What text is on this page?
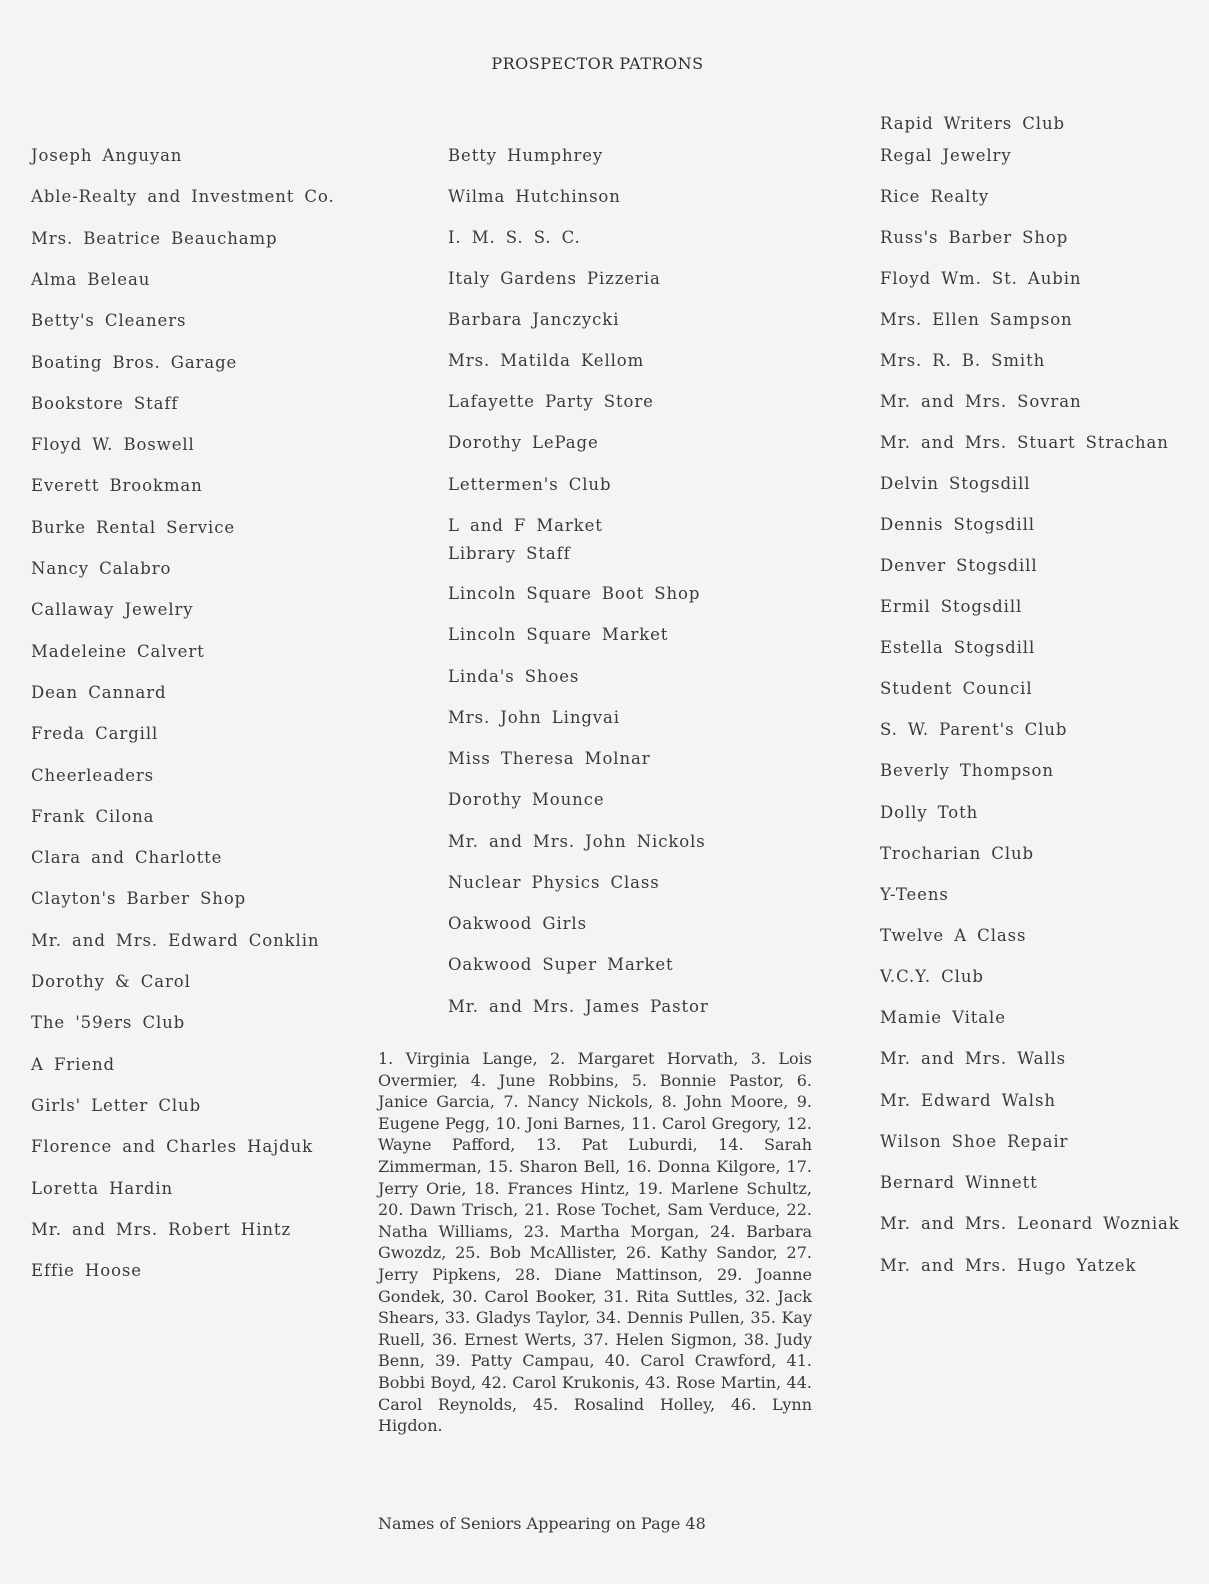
PROSPECTOR PATRONS
Joseph Anguyan
Able-Realty and Investment Co.
Mrs. Beatrice Beauchamp
Alma Beleau
Betty's Cleaners
Boating Bros. Garage
Bookstore Staff
Floyd W. Boswell
Everett Brookman
Burke Rental Service
Nancy Calabro
Callaway Jewelry
Madeleine Calvert
Dean Cannard
Freda Cargill
Cheerleaders
Frank Cilona
Clara and Charlotte
Clayton's Barber Shop
Mr. and Mrs. Edward Conklin
Dorothy & Carol
The '59ers Club
A Friend
Girls' Letter Club
Florence and Charles Hajduk
Loretta Hardin
Mr. and Mrs. Robert Hintz
Effie Hoose
Betty Humphrey
Wilma Hutchinson
I. M. S. S. C.
Italy Gardens Pizzeria
Barbara Janczycki
Mrs. Matilda Kellom
Lafayette Party Store
Dorothy LePage
Lettermen's Club
L and F Market
Library Staff
Lincoln Square Boot Shop
Lincoln Square Market
Linda's Shoes
Mrs. John Lingvai
Miss Theresa Molnar
Dorothy Mounce
Mr. and Mrs. John Nickols
Nuclear Physics Class
Oakwood Girls
Oakwood Super Market
Mr. and Mrs. James Pastor
Rapid Writers Club
Regal Jewelry
Rice Realty
Russ's Barber Shop
Floyd Wm. St. Aubin
Mrs. Ellen Sampson
Mrs. R. B. Smith
Mr. and Mrs. Sovran
Mr. and Mrs. Stuart Strachan
Delvin Stogsdill
Dennis Stogsdill
Denver Stogsdill
Ermil Stogsdill
Estella Stogsdill
Student Council
S. W. Parent's Club
Beverly Thompson
Dolly Toth
Trocharian Club
Y-Teens
Twelve A Class
V.C.Y. Club
Mamie Vitale
Mr. and Mrs. Walls
Mr. Edward Walsh
Wilson Shoe Repair
Bernard Winnett
Mr. and Mrs. Leonard Wozniak
Mr. and Mrs. Hugo Yatzek

1. Virginia Lange, 2. Margaret Horvath, 3. Lois Overmier, 4. June Robbins, 5. Bonnie Pastor, 6. Janice Garcia, 7. Nancy Nickols, 8. John Moore, 9. Eugene Pegg, 10. Joni Barnes, 11. Carol Gregory, 12. Wayne Pafford, 13. Pat Luburdi, 14. Sarah Zimmerman, 15. Sharon Bell, 16. Donna Kilgore, 17. Jerry Orie, 18. Frances Hintz, 19. Marlene Schultz, 20. Dawn Trisch, 21. Rose Tochet, Sam Verduce, 22. Natha Williams, 23. Martha Morgan, 24. Barbara Gwozdz, 25. Bob McAllister, 26. Kathy Sandor, 27. Jerry Pipkens, 28. Diane Mattinson, 29. Joanne Gondek, 30. Carol Booker, 31. Rita Suttles, 32. Jack Shears, 33. Gladys Taylor, 34. Dennis Pullen, 35. Kay Ruell, 36. Ernest Werts, 37. Helen Sigmon, 38. Judy Benn, 39. Patty Campau, 40. Carol Crawford, 41. Bobbi Boyd, 42. Carol Krukonis, 43. Rose Martin, 44. Carol Reynolds, 45. Rosalind Holley, 46. Lynn Higdon.

Names of Seniors Appearing on Page 48
